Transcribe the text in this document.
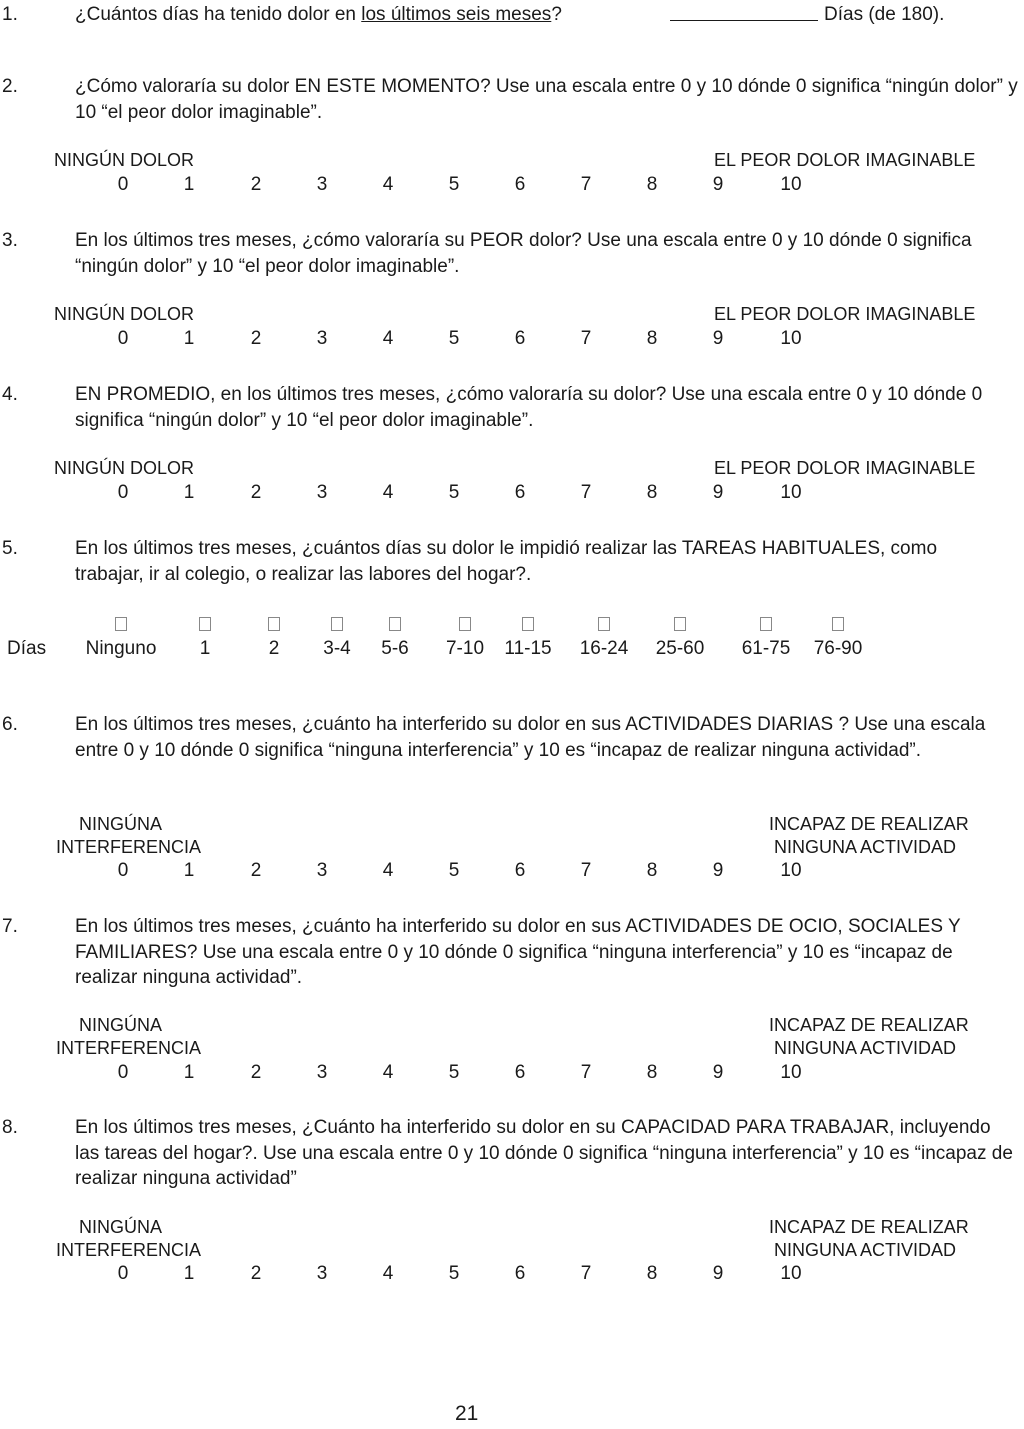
1.	¿Cuántos días ha tenido dolor en los últimos seis meses?	Días (de 180).
2.	¿Cómo valoraría su dolor EN ESTE MOMENTO? Use una escala entre 0 y 10 dónde 0 significa “ningún dolor” y 10 “el peor dolor imaginable”.
NINGÚN DOLOR	EL PEOR DOLOR IMAGINABLE
0	1	2	3	4	5	6	7	8	9	10
3.	En los últimos tres meses, ¿cómo valoraría su PEOR dolor? Use una escala entre 0 y 10 dónde 0 significa “ningún dolor” y 10 “el peor dolor imaginable”.
NINGÚN DOLOR	EL PEOR DOLOR IMAGINABLE
0	1	2	3	4	5	6	7	8	9	10
4.	EN PROMEDIO, en los últimos tres meses, ¿cómo valoraría su dolor? Use una escala entre 0 y 10 dónde 0 significa “ningún dolor” y 10 “el peor dolor imaginable”.
NINGÚN DOLOR	EL PEOR DOLOR IMAGINABLE
0	1	2	3	4	5	6	7	8	9	10
5.	En los últimos tres meses, ¿cuántos días su dolor le impidió realizar las TAREAS HABITUALES, como trabajar, ir al colegio, o realizar las labores del hogar?.
Días Ninguno	1	2	3-4	5-6	7-10	11-15	16-24	25-60	61-75	76-90
6.	En los últimos tres meses, ¿cuánto ha interferido su dolor en sus ACTIVIDADES DIARIAS ? Use una escala entre 0 y 10 dónde 0 significa “ninguna interferencia” y 10 es “incapaz de realizar ninguna actividad”.
NINGÚNA
INTERFERENCIA
INCAPAZ DE REALIZAR
NINGUNA ACTIVIDAD
0	1	2	3	4	5	6	7	8	9	10
7.	En los últimos tres meses, ¿cuánto ha interferido su dolor en sus ACTIVIDADES DE OCIO, SOCIALES Y FAMILIARES? Use una escala entre 0 y 10 dónde 0 significa “ninguna interferencia” y 10 es “incapaz de realizar ninguna actividad”.
NINGÚNA
INTERFERENCIA
INCAPAZ DE REALIZAR
NINGUNA ACTIVIDAD
0	1	2	3	4	5	6	7	8	9	10
8.	En los últimos tres meses, ¿Cuánto ha interferido su dolor en su CAPACIDAD PARA TRABAJAR, incluyendo las tareas del hogar?. Use una escala entre 0 y 10 dónde 0 significa “ninguna interferencia” y 10 es “incapaz de realizar ninguna actividad”
NINGÚNA
INTERFERENCIA
INCAPAZ DE REALIZAR
NINGUNA ACTIVIDAD
0	1	2	3	4	5	6	7	8	9	10
21
